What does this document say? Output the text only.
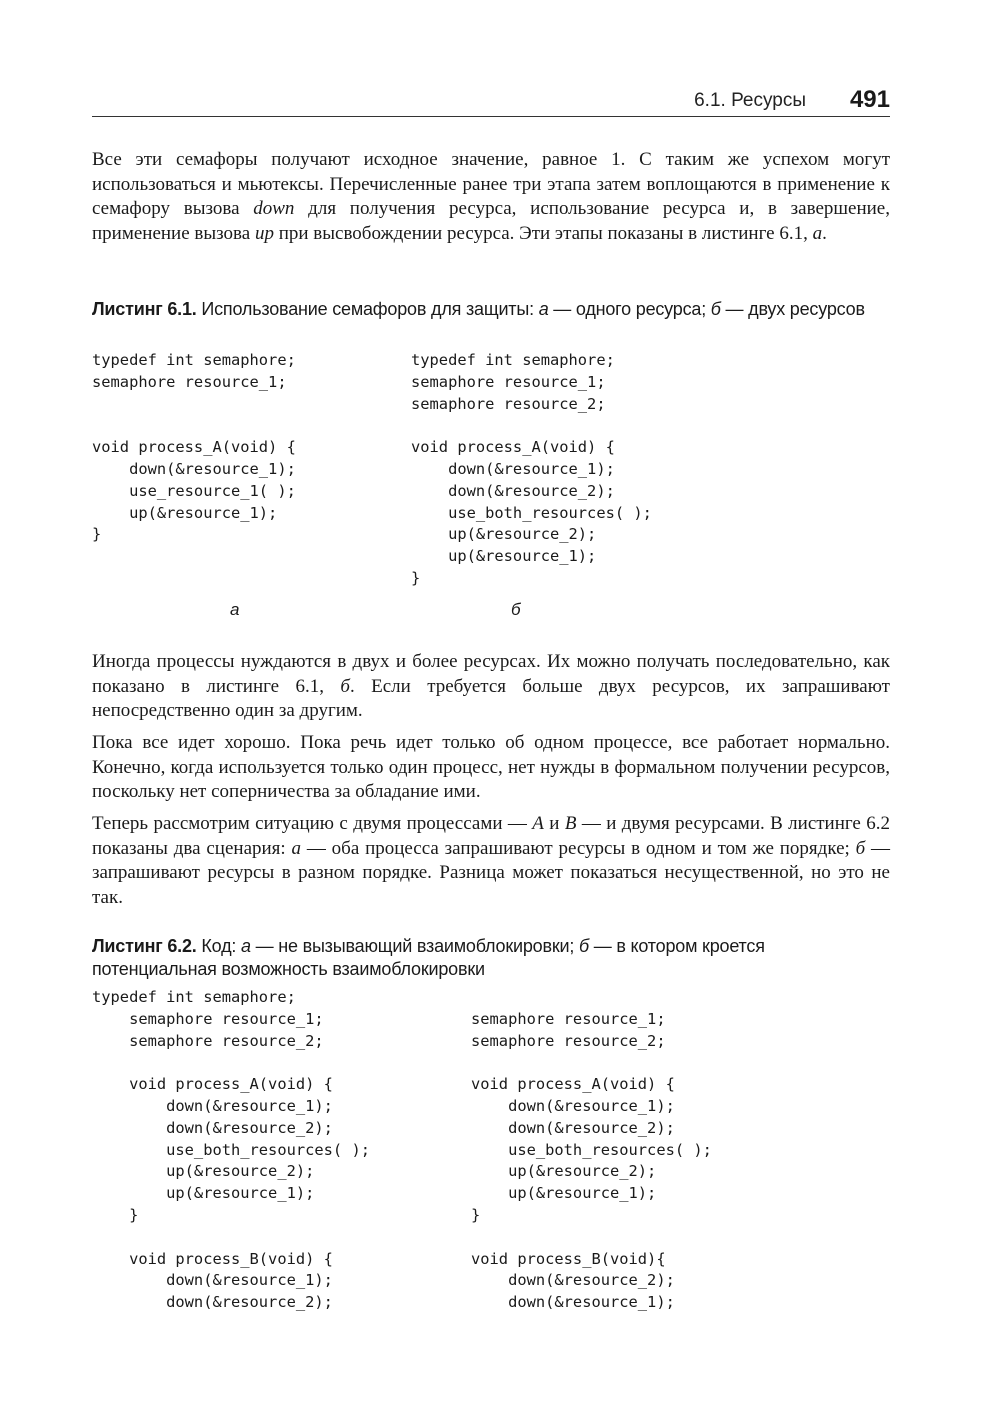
6.1. Ресурсы 491

Все эти семафоры получают исходное значение, равное 1. С таким же успехом могут использоваться и мьютексы. Перечисленные ранее три этапа затем воплощаются в применение к семафору вызова down для получения ресурса, использование ресурса и, в завершение, применение вызова up при высвобождении ресурса. Эти этапы показаны в листинге 6.1, а.

Листинг 6.1. Использование семафоров для защиты: а — одного ресурса; б — двух ресурсов

typedef int semaphore;
semaphore resource_1;

void process_A(void) {
down(&resource_1);
use_resource_1( );
up(&resource_1);
}
typedef int semaphore;
semaphore resource_1;
semaphore resource_2;

void process_A(void) {
down(&resource_1);
down(&resource_2);
use_both_resources( );
up(&resource_2);
up(&resource_1);
}
а	б

Иногда процессы нуждаются в двух и более ресурсах. Их можно получать последовательно, как показано в листинге 6.1, б. Если требуется больше двух ресурсов, их запрашивают непосредственно один за другим.

Пока все идет хорошо. Пока речь идет только об одном процессе, все работает нормально. Конечно, когда используется только один процесс, нет нужды в формальном получении ресурсов, поскольку нет соперничества за обладание ими.

Теперь рассмотрим ситуацию с двумя процессами — A и B — и двумя ресурсами. В листинге 6.2 показаны два сценария: а — оба процесса запрашивают ресурсы в одном и том же порядке; б — запрашивают ресурсы в разном порядке. Разница может показаться несущественной, но это не так.

Листинг 6.2. Код: а — не вызывающий взаимоблокировки; б — в котором кроется потенциальная возможность взаимоблокировки

typedef int semaphore;
semaphore resource_1;
semaphore resource_2;

void process_A(void) {
down(&resource_1);
down(&resource_2);
use_both_resources( );
up(&resource_2);
up(&resource_1);
}

void process_B(void) {
down(&resource_1);
down(&resource_2);

semaphore resource_1;
semaphore resource_2;

void process_A(void) {
down(&resource_1);
down(&resource_2);
use_both_resources( );
up(&resource_2);
up(&resource_1);
}

void process_B(void){
down(&resource_2);
down(&resource_1);
